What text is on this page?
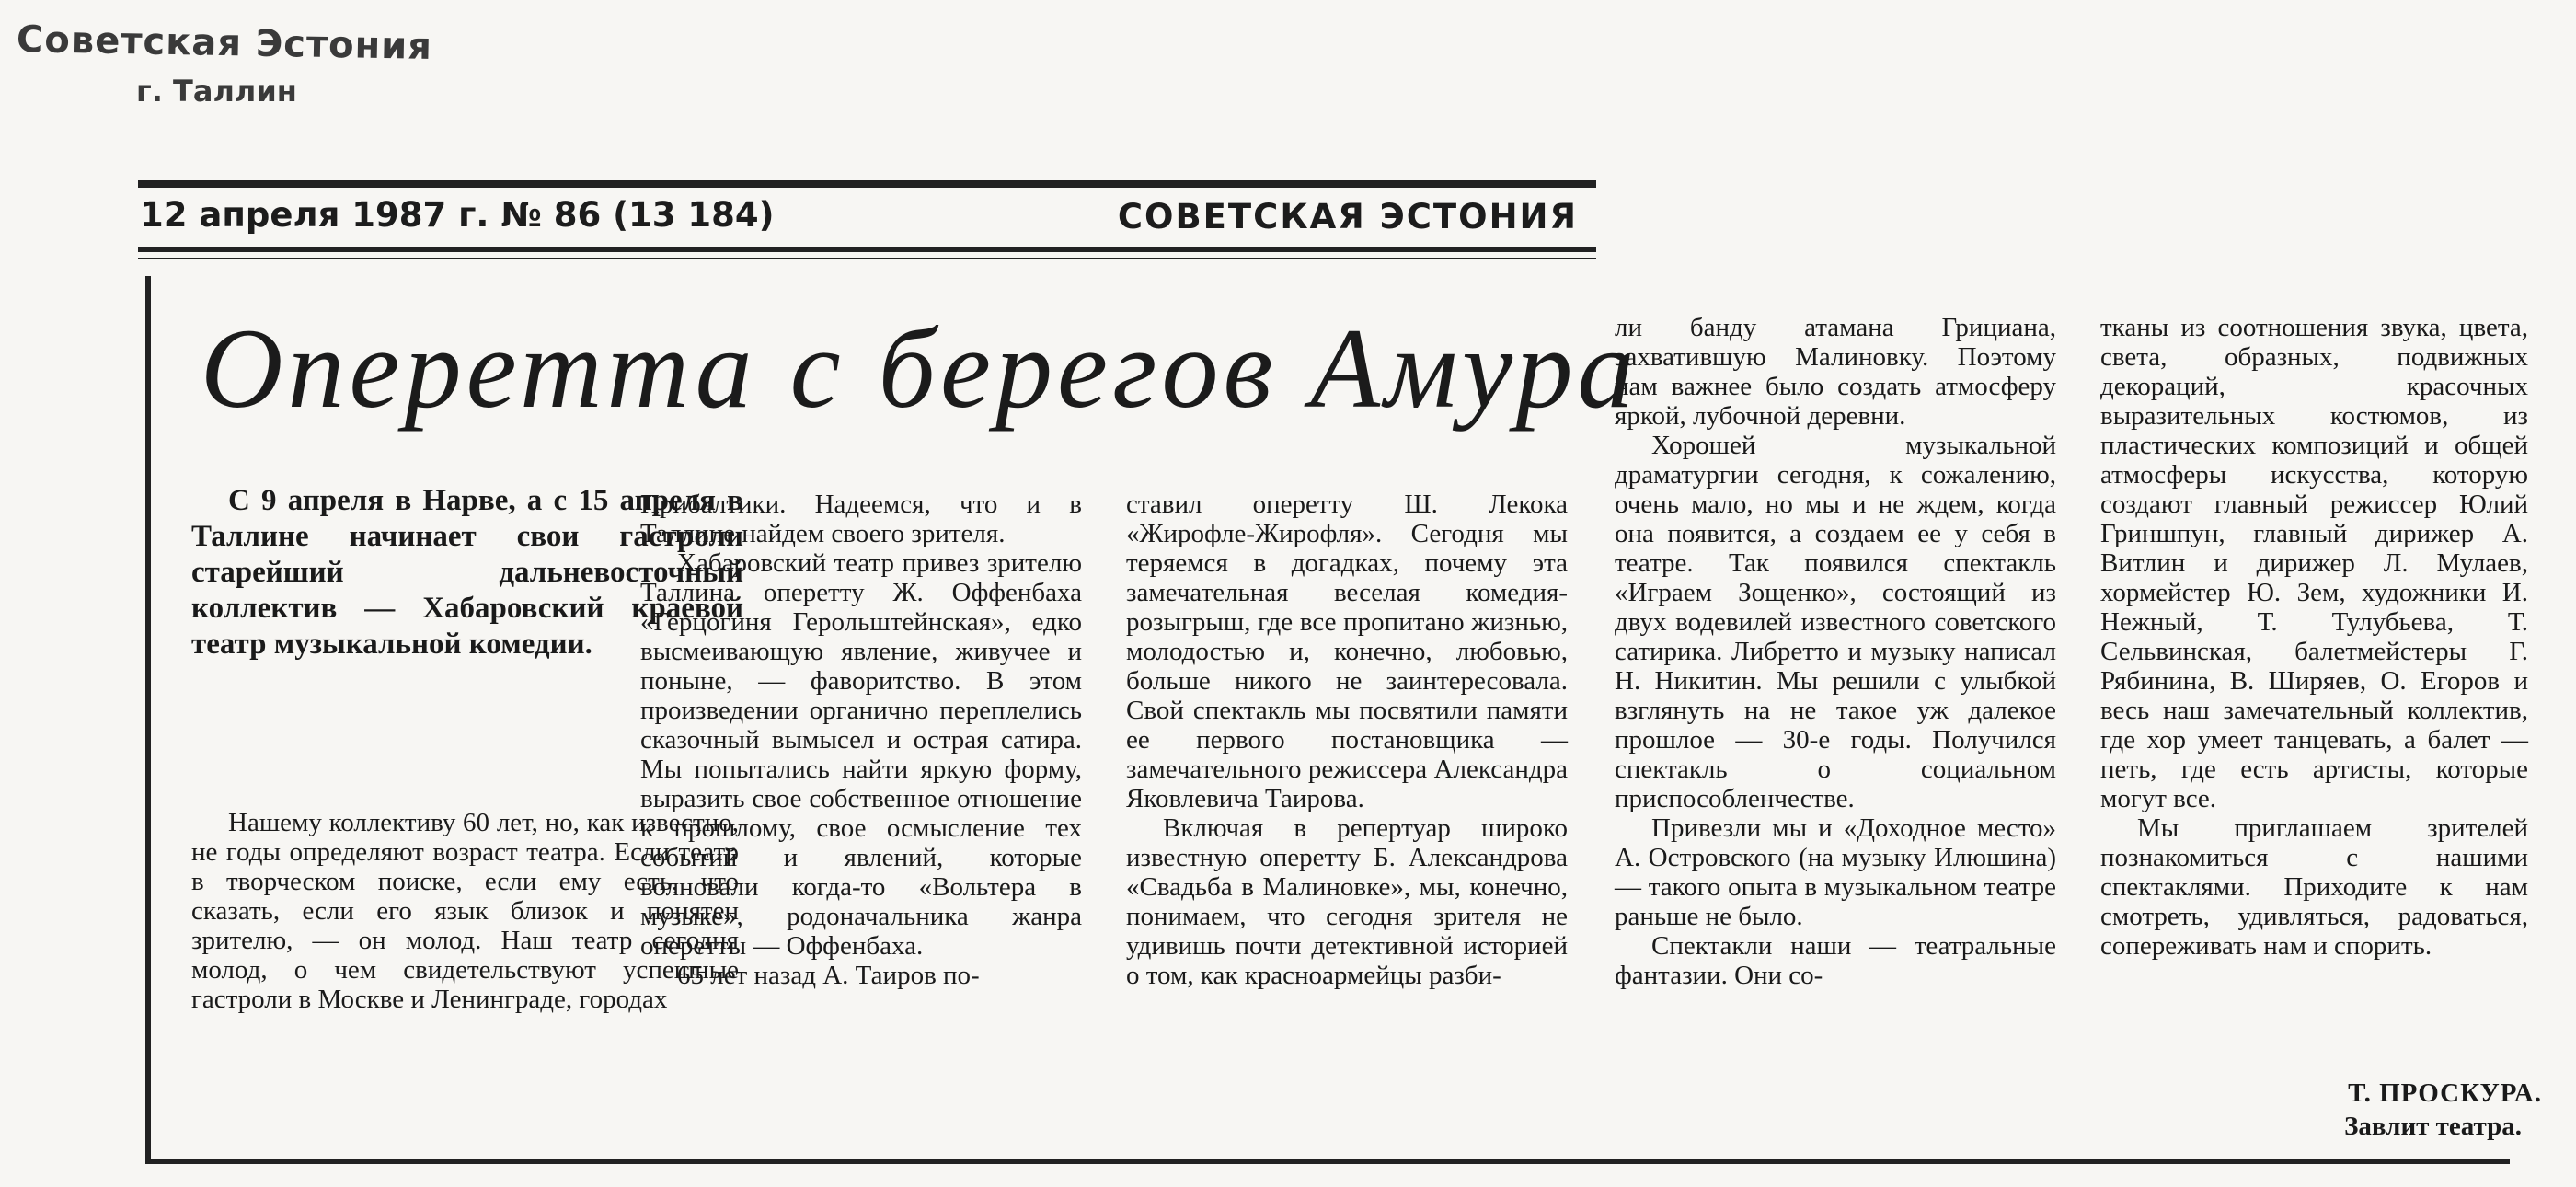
Советская Эстония
г. Таллин
12 апреля 1987 г. № 86 (13 184)	СОВЕТСКАЯ ЭСТОНИЯ
Оперетта с берегов Амура
С 9 апреля в Нарве, а с 15 апреля в Таллине начинает свои гастроли старейший дальневосточный коллектив — Хабаровский краевой театр музыкальной комедии.

Нашему коллективу 60 лет, но, как известно, не годы определяют возраст театра. Если театр в творческом поиске, если ему есть, что сказать, если его язык близок и понятен зрителю, — он молод. Наш театр сегодня молод, о чем свидетельствуют успешные гастроли в Москве и Ленинграде, городах

Прибалтики. Надеемся, что и в Таллине найдем своего зрителя.

Хабаровский театр привез зрителю Таллина оперетту Ж. Оффенбаха «Герцогиня Герольштейнская», едко высмеивающую явление, живучее и поныне, — фаворитство. В этом произведении органично переплелись сказочный вымысел и острая сатира. Мы попытались найти яркую форму, выразить свое собственное отношение к прошлому, свое осмысление тех событий и явлений, которые волновали когда-то «Вольтера в музыке», родоначальника жанра оперетты — Оффенбаха.

65 лет назад А. Таиров по-

ставил оперетту Ш. Лекока «Жирофле-Жирофля». Сегодня мы теряемся в догадках, почему эта замечательная веселая комедия-розыгрыш, где все пропитано жизнью, молодостью и, конечно, любовью, больше никого не заинтересовала. Свой спектакль мы посвятили памяти ее первого постановщика — замечательного режиссера Александра Яковлевича Таирова.

Включая в репертуар широко известную оперетту Б. Александрова «Свадьба в Малиновке», мы, конечно, понимаем, что сегодня зрителя не удивишь почти детективной историей о том, как красноармейцы разби-

ли банду атамана Грициана, захватившую Малиновку. Поэтому нам важнее было создать атмосферу яркой, лубочной деревни.

Хорошей музыкальной драматургии сегодня, к сожалению, очень мало, но мы и не ждем, когда она появится, а создаем ее у себя в театре. Так появился спектакль «Играем Зощенко», состоящий из двух водевилей известного советского сатирика. Либретто и музыку написал Н. Никитин. Мы решили с улыбкой взглянуть на не такое уж далекое прошлое — 30-е годы. Получился спектакль о социальном приспособленчестве.

Привезли мы и «Доходное место» А. Островского (на музыку Илюшина) — такого опыта в музыкальном театре раньше не было.

Спектакли наши — театральные фантазии. Они со-

тканы из соотношения звука, цвета, света, образных, подвижных декораций, красочных выразительных костюмов, из пластических композиций и общей атмосферы искусства, которую создают главный режиссер Юлий Гриншпун, главный дирижер А. Витлин и дирижер Л. Мулаев, хормейстер Ю. Зем, художники И. Нежный, Т. Тулубьева, Т. Сельвинская, балетмейстеры Г. Рябинина, В. Ширяев, О. Егоров и весь наш замечательный коллектив, где хор умеет танцевать, а балет — петь, где есть артисты, которые могут все.

Мы приглашаем зрителей познакомиться с нашими спектаклями. Приходите к нам смотреть, удивляться, радоваться, сопереживать нам и спорить.

Т. ПРОСКУРА.
Завлит театра.
